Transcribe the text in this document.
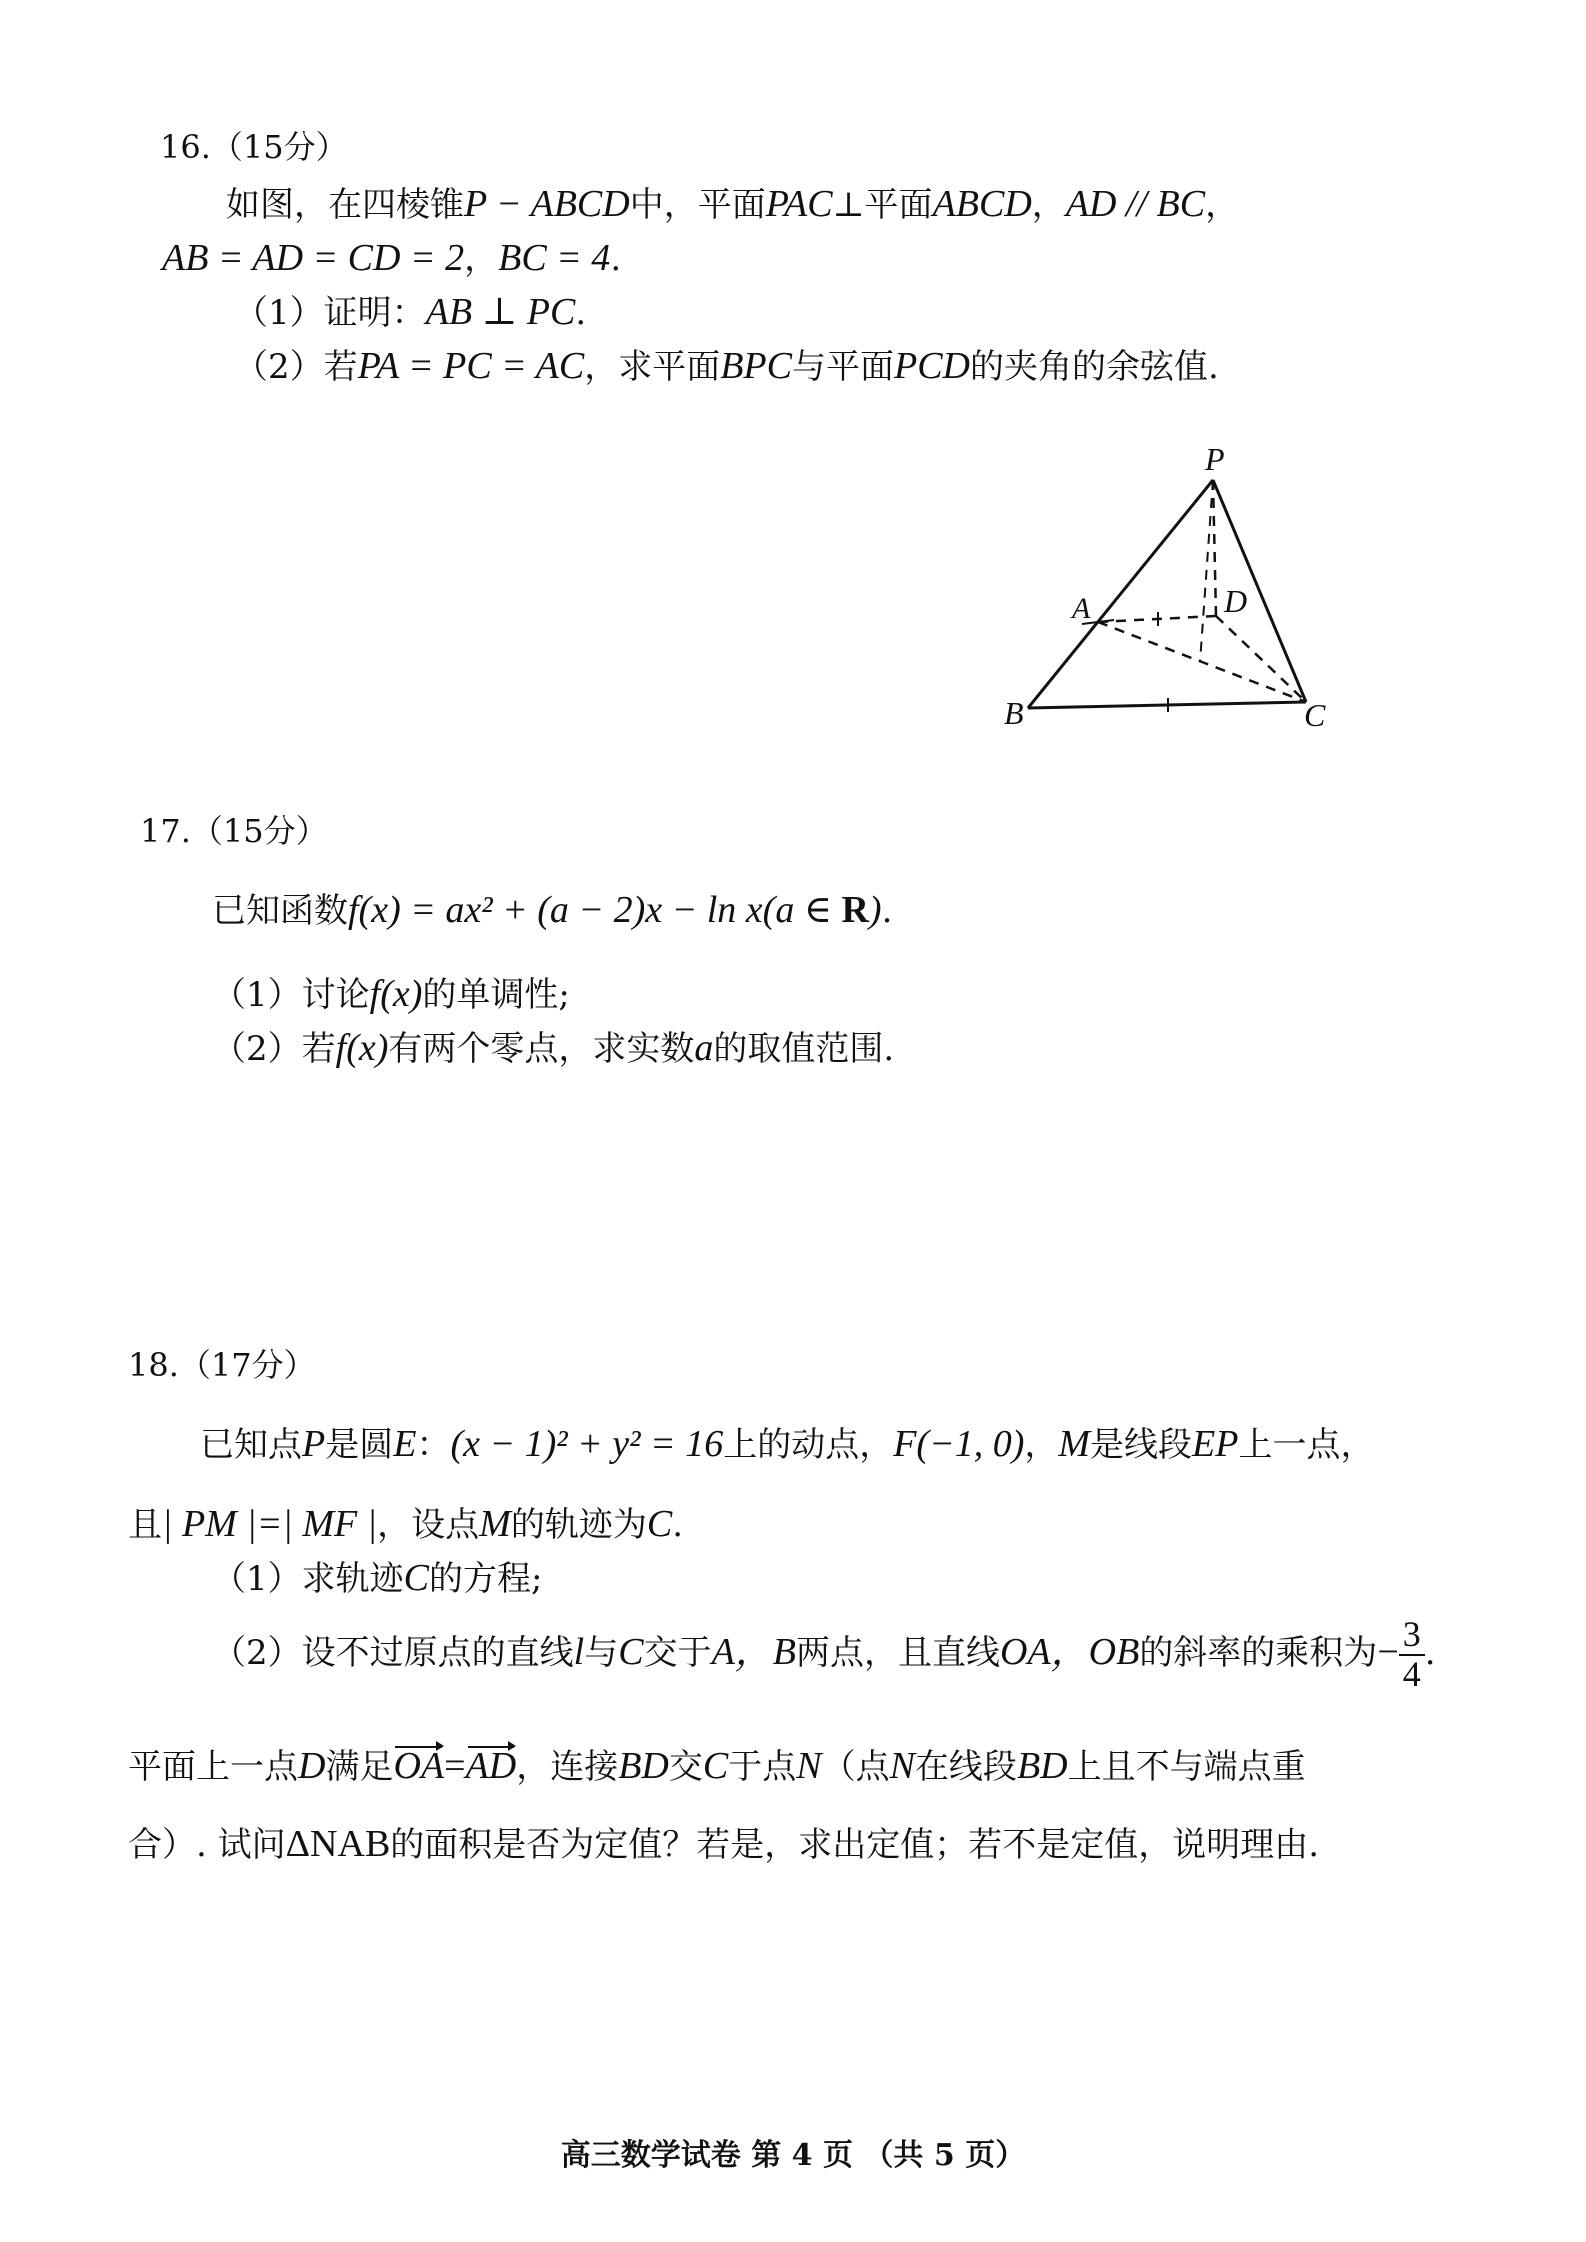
16.（15分）
如图，在四棱锥P − ABCD中，平面PAC⊥平面ABCD，AD // BC，
AB = AD = CD = 2，BC = 4.
（1）证明：AB ⊥ PC.
（2）若PA = PC = AC，求平面BPC与平面PCD的夹角的余弦值.
P
A	D
B	C
17.（15分）
已知函数f(x) = ax² + (a − 2)x − ln x(a ∈ R).
（1）讨论f(x)的单调性;
（2）若f(x)有两个零点，求实数a的取值范围.
18.（17分）
已知点P是圆E：(x − 1)² + y² = 16上的动点，F(−1, 0)，M是线段EP上一点，
且| PM |=| MF |，设点M的轨迹为C.
（1）求轨迹C的方程;
（2）设不过原点的直线l与C交于A，B两点，且直线OA，OB的斜率的乘积为− $\frac{3}{4}$ .
平面上一点D满足OA=AD，连接BD交C于点N（点N在线段BD上且不与端点重
合）. 试问ΔNAB的面积是否为定值？若是，求出定值；若不是定值，说明理由.
高三数学试卷 第 4 页 （共 5 页）
